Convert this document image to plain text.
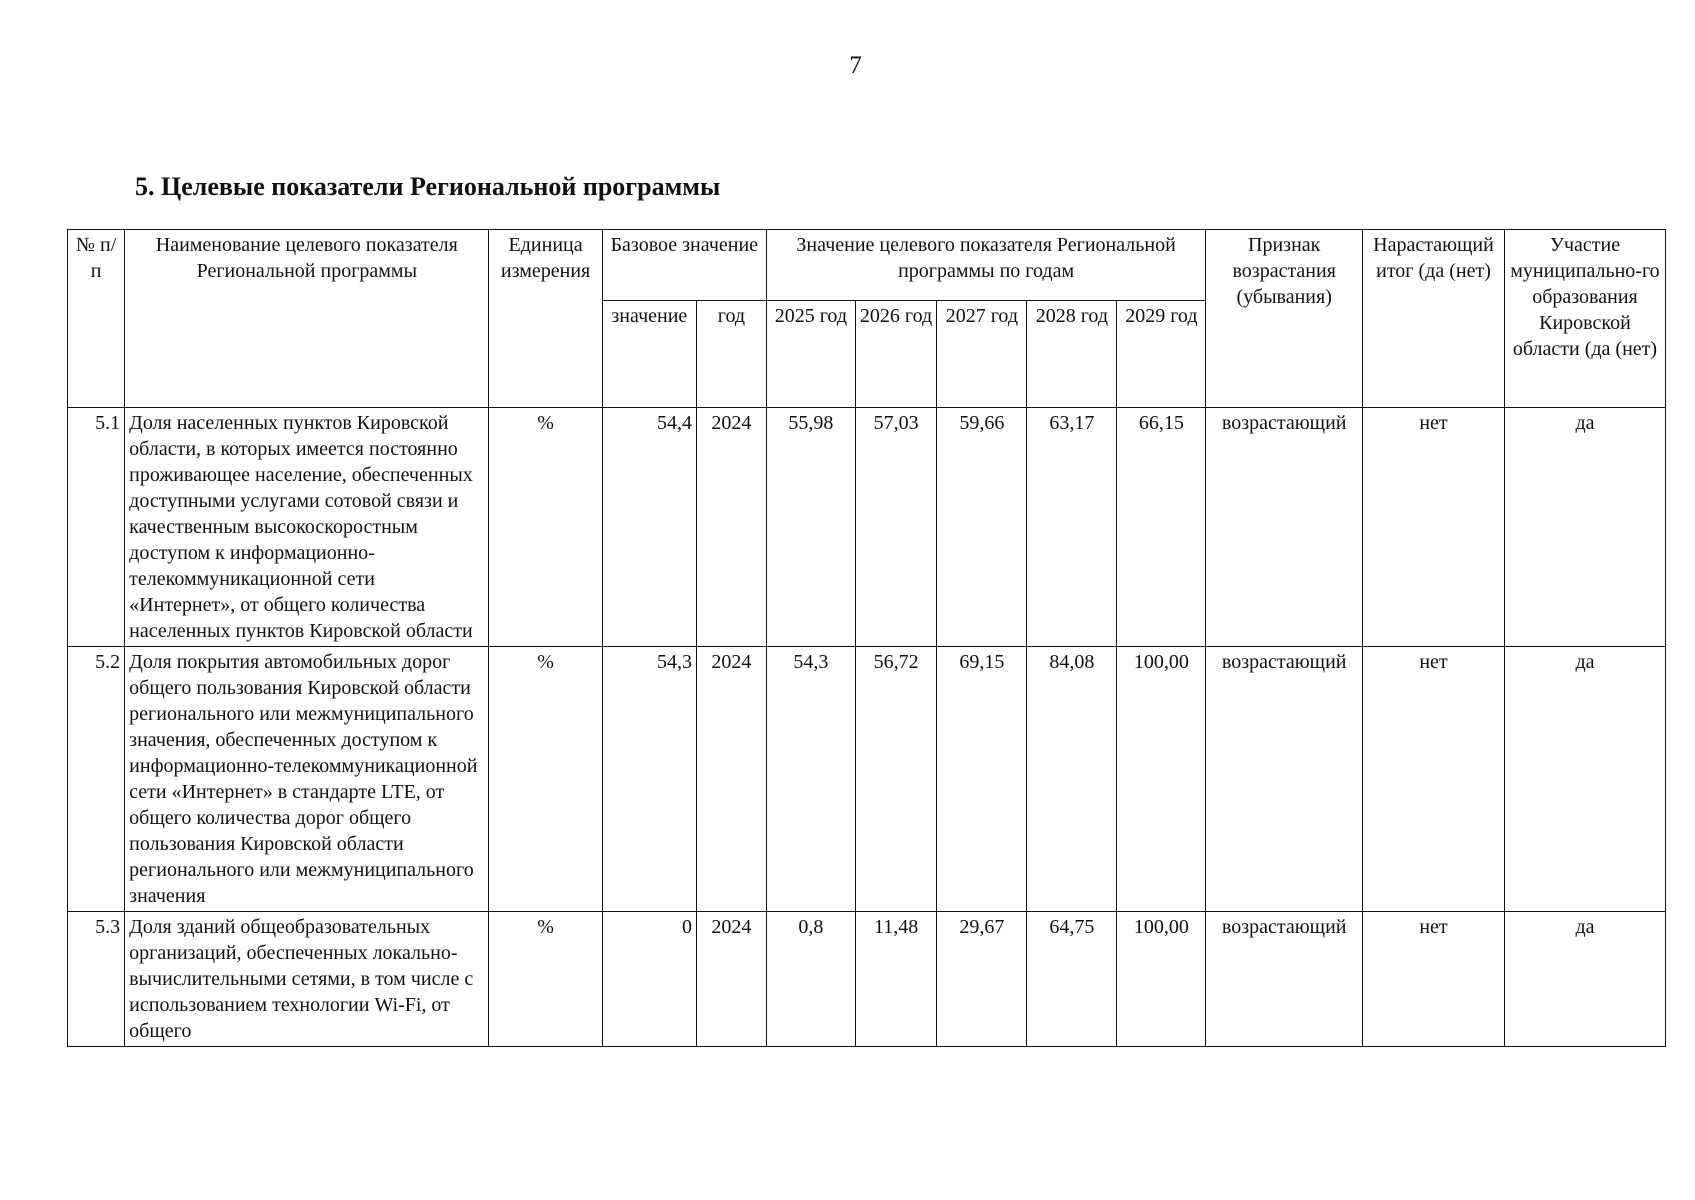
7
5. Целевые показатели Региональной программы
№ п/п	Наименование целевого показателя Региональной программы	Единица измерения	Базовое значение		Значение целевого показателя Региональной программы по годам					Признак возрастания (убывания)	Нарастающий итог (да (нет)	Участие муниципально-го образования Кировской области (да (нет)
			значение	год	2025 год	2026 год	2027 год	2028 год	2029 год			
5.1	Доля населенных пунктов Кировской области, в которых имеется постоянно проживающее население, обеспеченных доступными услугами сотовой связи и качественным высокоскоростным доступом к информационно-телекоммуникационной сети «Интернет», от общего количества населенных пунктов Кировской области	%	54,4	2024	55,98	57,03	59,66	63,17	66,15	возрастающий	нет	да
5.2	Доля покрытия автомобильных дорог общего пользования Кировской области регионального или межмуниципального значения, обеспеченных доступом к информационно-телекоммуникационной сети «Интернет» в стандарте LTE, от общего количества дорог общего пользования Кировской области регионального или межмуниципального значения	%	54,3	2024	54,3	56,72	69,15	84,08	100,00	возрастающий	нет	да
5.3	Доля зданий общеобразовательных организаций, обеспеченных локально-вычислительными сетями, в том числе с использованием технологии Wi-Fi, от общего	%	0	2024	0,8	11,48	29,67	64,75	100,00	возрастающий	нет	да
